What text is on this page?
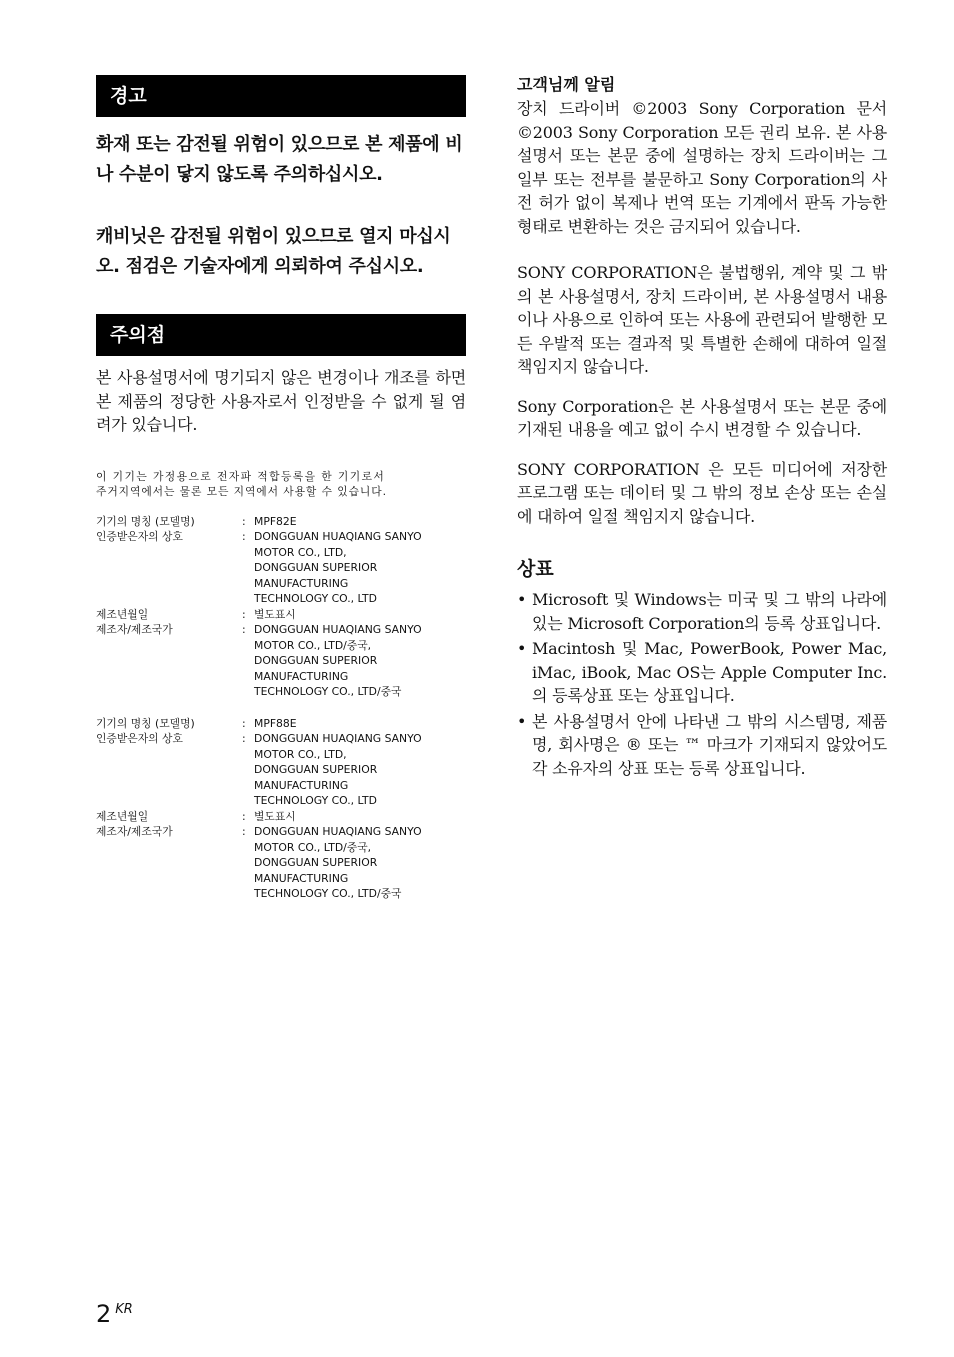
경고

화재 또는 감전될 위험이 있으므로 본 제품에 비나 수분이 닿지 않도록 주의하십시오.

캐비닛은 감전될 위험이 있으므로 열지 마십시오. 점검은 기술자에게 의뢰하여 주십시오.

주의점

본 사용설명서에 명기되지 않은 변경이나 개조를 하면 본 제품의 정당한 사용자로서 인정받을 수 없게 될 염려가 있습니다.

이 기기는 가정용으로 전자파 적합등록을 한 기기로서

주거지역에서는 물론 모든 지역에서 사용할 수 있습니다.

기기의 명칭 (모델명)	: MPF82E
인증받은자의 상호	: DONGGUAN HUAQIANG SANYO
MOTOR CO., LTD,
DONGGUAN SUPERIOR
MANUFACTURING
TECHNOLOGY CO., LTD
제조년월일	: 별도표시
제조자/제조국가	: DONGGUAN HUAQIANG SANYO
MOTOR CO., LTD/중국,
DONGGUAN SUPERIOR
MANUFACTURING
TECHNOLOGY CO., LTD/중국
기기의 명칭 (모델명)	: MPF88E
인증받은자의 상호	: DONGGUAN HUAQIANG SANYO
MOTOR CO., LTD,
DONGGUAN SUPERIOR
MANUFACTURING
TECHNOLOGY CO., LTD
제조년월일	: 별도표시
제조자/제조국가	: DONGGUAN HUAQIANG SANYO
MOTOR CO., LTD/중국,
DONGGUAN SUPERIOR
MANUFACTURING
TECHNOLOGY CO., LTD/중국

고객님께 알림

장치 드라이버 ©2003 Sony Corporation 문서 ©2003 Sony Corporation 모든 권리 보유. 본 사용설명서 또는 본문 중에 설명하는 장치 드라이버는 그 일부 또는 전부를 불문하고 Sony Corporation의 사전 허가 없이 복제나 번역 또는 기계에서 판독 가능한 형태로 변환하는 것은 금지되어 있습니다.

SONY CORPORATION은 불법행위, 계약 및 그 밖의 본 사용설명서, 장치 드라이버, 본 사용설명서 내용이나 사용으로 인하여 또는 사용에 관련되어 발행한 모든 우발적 또는 결과적 및 특별한 손해에 대하여 일절 책임지지 않습니다.

Sony Corporation은 본 사용설명서 또는 본문 중에 기재된 내용을 예고 없이 수시 변경할 수 있습니다.

SONY CORPORATION 은 모든 미디어에 저장한 프로그램 또는 데이터 및 그 밖의 정보 손상 또는 손실에 대하여 일절 책임지지 않습니다.

상표

• Microsoft 및 Windows는 미국 및 그 밖의 나라에 있는 Microsoft Corporation의 등록 상표입니다.
• Macintosh 및 Mac, PowerBook, Power Mac, iMac, iBook, Mac OS는 Apple Computer Inc.의 등록상표 또는 상표입니다.
• 본 사용설명서 안에 나타낸 그 밖의 시스템명, 제품명, 회사명은 ® 또는 ™ 마크가 기재되지 않았어도 각 소유자의 상표 또는 등록 상표입니다.
2 $^{KR}$
